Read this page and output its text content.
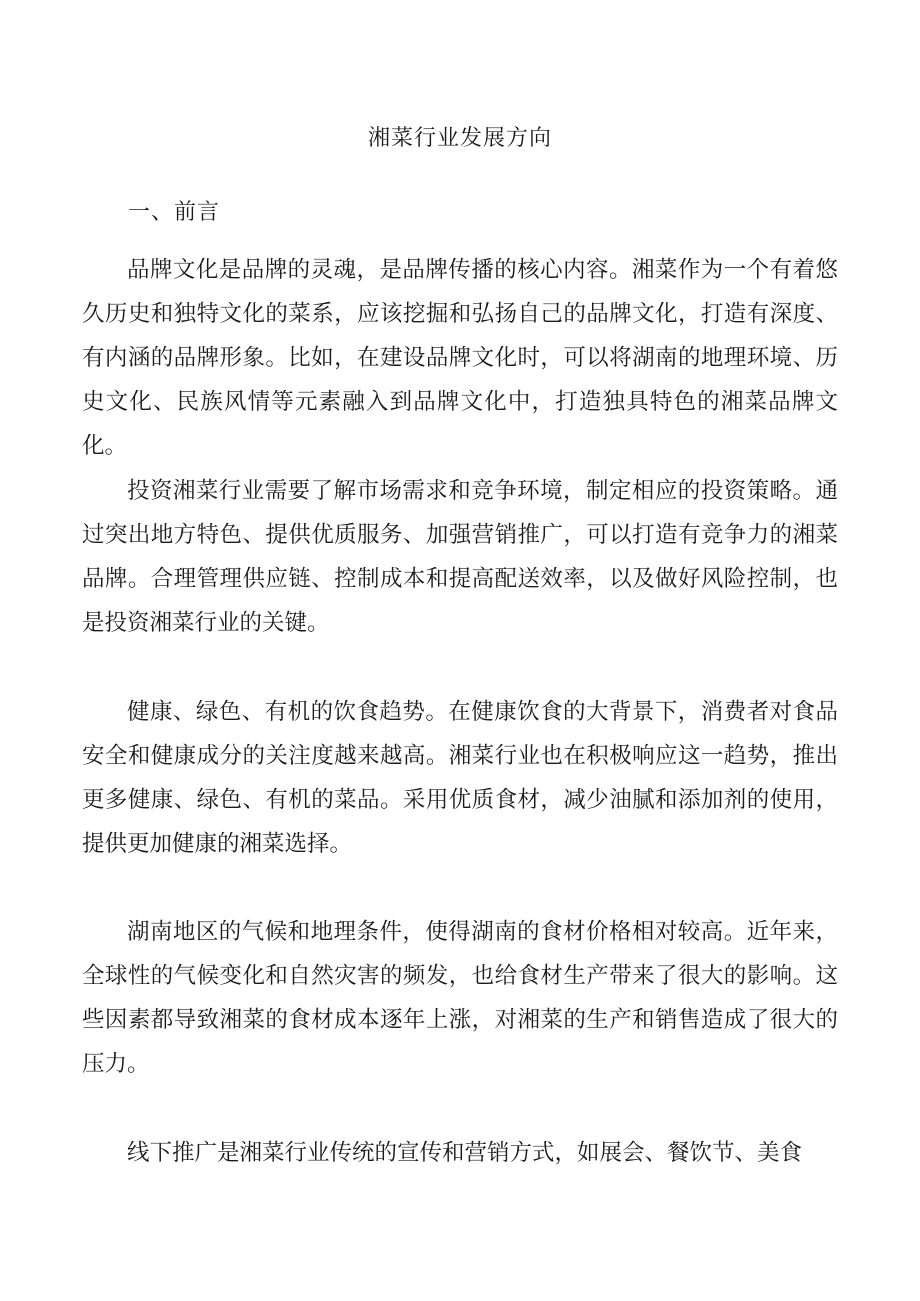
湘菜行业发展方向
一、前言

品牌文化是品牌的灵魂，是品牌传播的核心内容。湘菜作为一个有着悠久历史和独特文化的菜系，应该挖掘和弘扬自己的品牌文化，打造有深度、有内涵的品牌形象。比如，在建设品牌文化时，可以将湖南的地理环境、历史文化、民族风情等元素融入到品牌文化中，打造独具特色的湘菜品牌文化。

投资湘菜行业需要了解市场需求和竞争环境，制定相应的投资策略。通过突出地方特色、提供优质服务、加强营销推广，可以打造有竞争力的湘菜品牌。合理管理供应链、控制成本和提高配送效率，以及做好风险控制，也是投资湘菜行业的关键。

健康、绿色、有机的饮食趋势。在健康饮食的大背景下，消费者对食品安全和健康成分的关注度越来越高。湘菜行业也在积极响应这一趋势，推出更多健康、绿色、有机的菜品。采用优质食材，减少油腻和添加剂的使用，提供更加健康的湘菜选择。

湖南地区的气候和地理条件，使得湖南的食材价格相对较高。近年来，全球性的气候变化和自然灾害的频发，也给食材生产带来了很大的影响。这些因素都导致湘菜的食材成本逐年上涨，对湘菜的生产和销售造成了很大的压力。

线下推广是湘菜行业传统的宣传和营销方式，如展会、餐饮节、美食
